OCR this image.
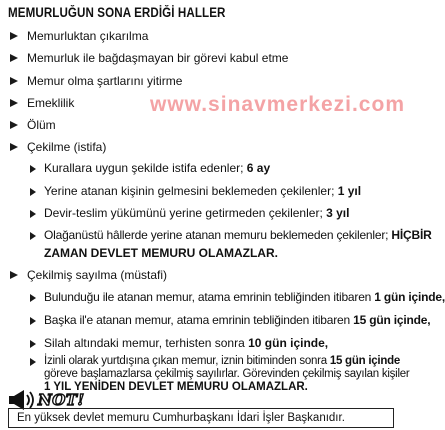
MEMURLUĞUN SONA ERDİĞİ HALLER
www.sinavmerkezi.com
Memurluktan çıkarılma
Memurluk ile bağdaşmayan bir görevi kabul etme
Memur olma şartlarını yitirme
Emeklilik
Ölüm
Çekilme (istifa)
Kurallara uygun şekilde istifa edenler; 6 ay
Yerine atanan kişinin gelmesini beklemeden çekilenler; 1 yıl
Devir-teslim yükümünü yerine getirmeden çekilenler; 3 yıl
Olağanüstü hâllerde yerine atanan memuru beklemeden çekilenler; HİÇBİR
ZAMAN DEVLET MEMURU OLAMAZLAR.
Çekilmiş sayılma (müstafi)
Bulunduğu ile atanan memur, atama emrinin tebliğinden itibaren 1 gün içinde,
Başka il'e atanan memur, atama emrinin tebliğinden itibaren 15 gün içinde,
Silah altındaki memur, terhisten sonra 10 gün içinde,
NOT!
En yüksek devlet memuru Cumhurbaşkanı İdari İşler Başkanıdır.
İzinli olarak yurtdışına çıkan memur, iznin bitiminden sonra 15 gün içinde
göreve başlamazlarsa çekilmiş sayılırlar. Görevinden çekilmiş sayılan kişiler
1 YIL YENİDEN DEVLET MEMURU OLAMAZLAR.
